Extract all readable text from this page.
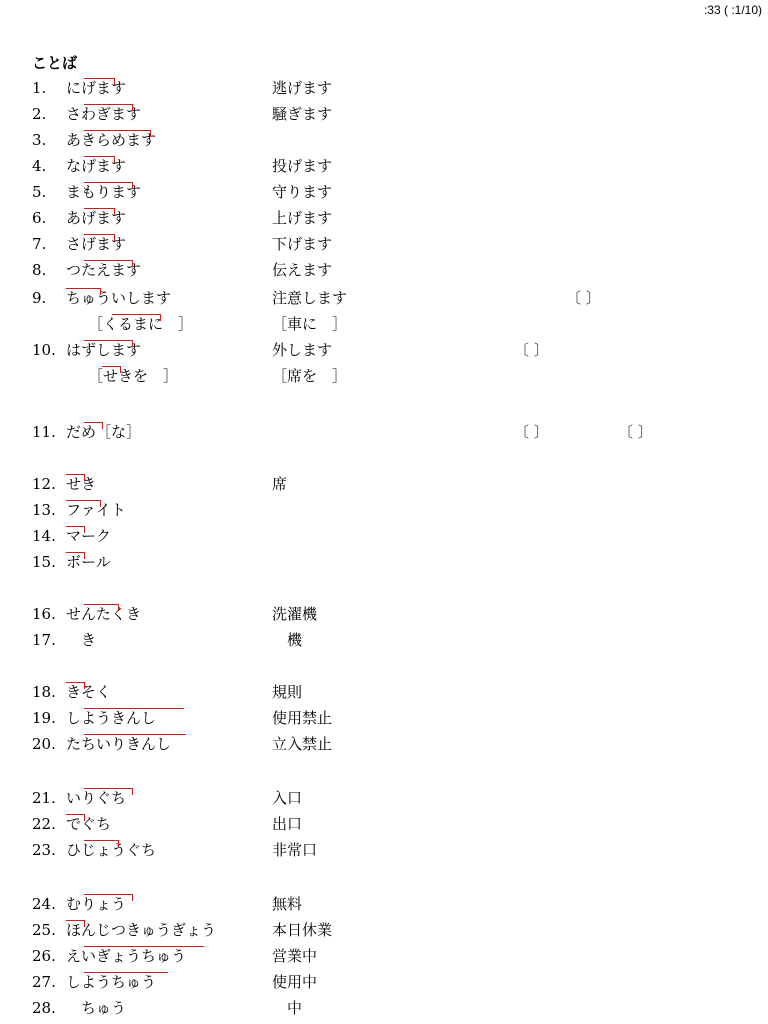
:33 ( :1/10)
ことば
1.	にげます	逃げます
2.	さわぎます	騒ぎます
3.	あきらめます
4.	なげます	投げます
5.	まもります	守ります
6.	あげます	上げます
7.	さげます	下げます
8.	つたえます	伝えます
9.	ちゅういします	注意します	〔 〕
［くるまに　］	［車に　］
10. はずします	外します	〔 〕
［せきを　］	［席を　］
11. だめ［な］	〔 〕	〔 〕
12. せき	席
13. ファイト
14. マーク
15. ボール
16. せんたくき	洗濯機
17. 　き	　機
18. きそく	規則
19. しようきんし	使用禁止
20. たちいりきんし	立入禁止
21. いりぐち	入口
22. でぐち	出口
23. ひじょうぐち	非常口
24. むりょう	無料
25. ほんじつきゅうぎょう	本日休業
26. えいぎょうちゅう	営業中
27. しようちゅう	使用中
28. 　ちゅう	　中
